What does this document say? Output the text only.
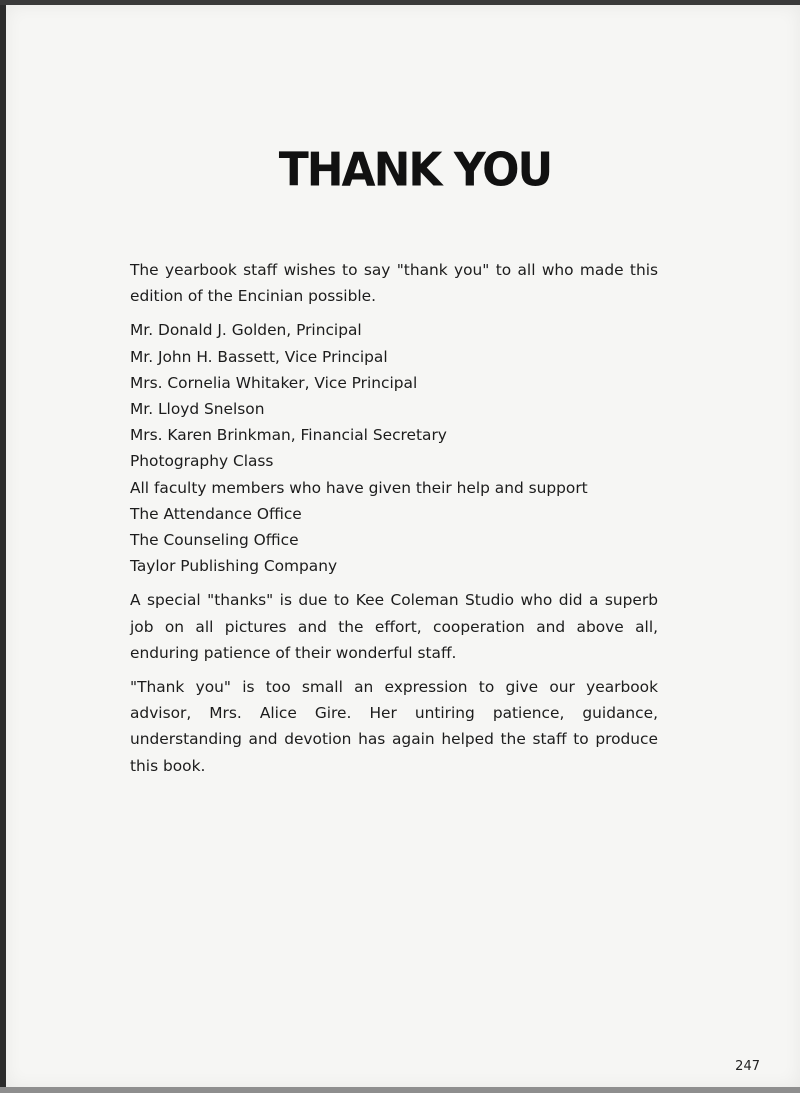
THANK YOU

The yearbook staff wishes to say "thank you" to all who made this edition of the Encinian possible.

Mr. Donald J. Golden, Principal
Mr. John H. Bassett, Vice Principal
Mrs. Cornelia Whitaker, Vice Principal
Mr. Lloyd Snelson
Mrs. Karen Brinkman, Financial Secretary
Photography Class
All faculty members who have given their help and support
The Attendance Office
The Counseling Office
Taylor Publishing Company

A special "thanks" is due to Kee Coleman Studio who did a superb job on all pictures and the effort, cooperation and above all, enduring patience of their wonderful staff.

"Thank you" is too small an expression to give our yearbook advisor, Mrs. Alice Gire. Her untiring patience, guidance, understanding and devotion has again helped the staff to produce this book.

247
